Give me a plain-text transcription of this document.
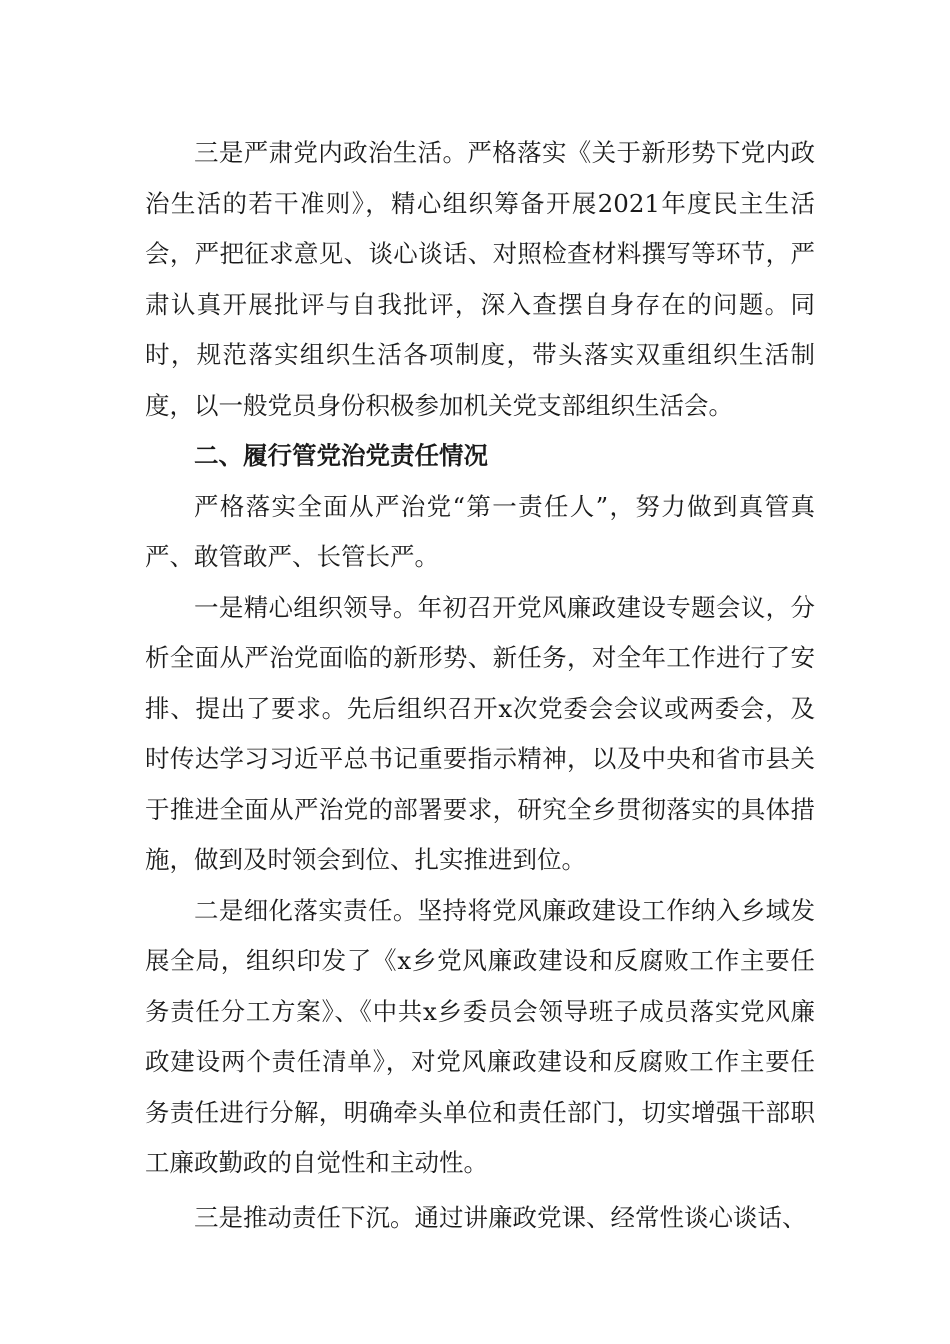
三是严肃党内政治生活。严格落实《关于新形势下党内政治生活的若干准则》，精心组织筹备开展2021年度民主生活会，严把征求意见、谈心谈话、对照检查材料撰写等环节，严肃认真开展批评与自我批评，深入查摆自身存在的问题。同时，规范落实组织生活各项制度，带头落实双重组织生活制度，以一般党员身份积极参加机关党支部组织生活会。

二、履行管党治党责任情况

严格落实全面从严治党“第一责任人”，努力做到真管真严、敢管敢严、长管长严。

一是精心组织领导。年初召开党风廉政建设专题会议，分析全面从严治党面临的新形势、新任务，对全年工作进行了安排、提出了要求。先后组织召开x次党委会会议或两委会，及时传达学习习近平总书记重要指示精神，以及中央和省市县关于推进全面从严治党的部署要求，研究全乡贯彻落实的具体措施，做到及时领会到位、扎实推进到位。

二是细化落实责任。坚持将党风廉政建设工作纳入乡域发展全局，组织印发了《x乡党风廉政建设和反腐败工作主要任务责任分工方案》、《中共x乡委员会领导班子成员落实党风廉政建设两个责任清单》，对党风廉政建设和反腐败工作主要任务责任进行分解，明确牵头单位和责任部门，切实增强干部职工廉政勤政的自觉性和主动性。

三是推动责任下沉。通过讲廉政党课、经常性谈心谈话、
